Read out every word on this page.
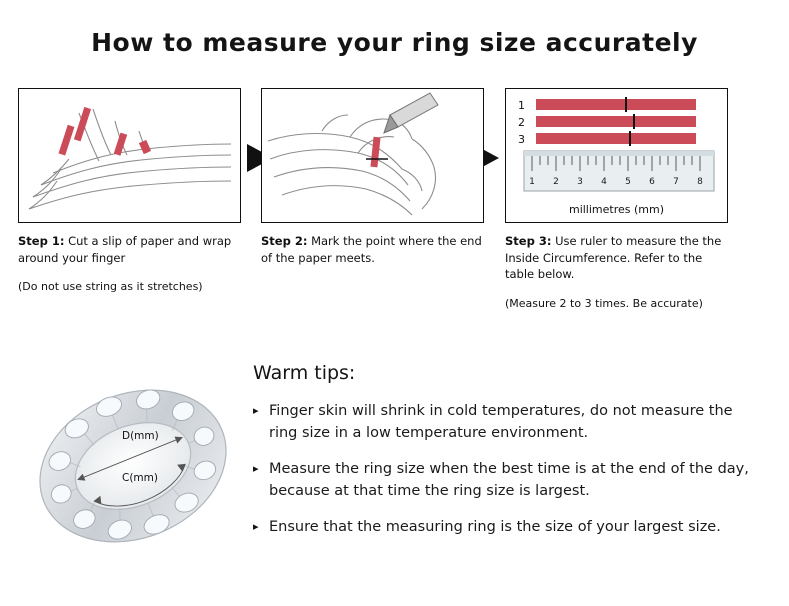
How to measure your ring size accurately
Step 1: Cut a slip of paper and wrap around your finger
(Do not use string as it stretches)
Step 2: Mark the point where the end of the paper meets.
1
2
3
1 2 3 4 5 6 7 8
millimetres (mm)
Step 3: Use ruler to measure the the Inside Circumference. Refer to the table below.
(Measure 2 to 3 times. Be accurate)
D(mm)
C(mm)
Warm tips:
▸ Finger skin will shrink in cold temperatures, do not measure the ring size in a low temperature environment.
▸ Measure the ring size when the best time is at the end of the day, because at that time the ring size is largest.
▸ Ensure that the measuring ring is the size of your largest size.
